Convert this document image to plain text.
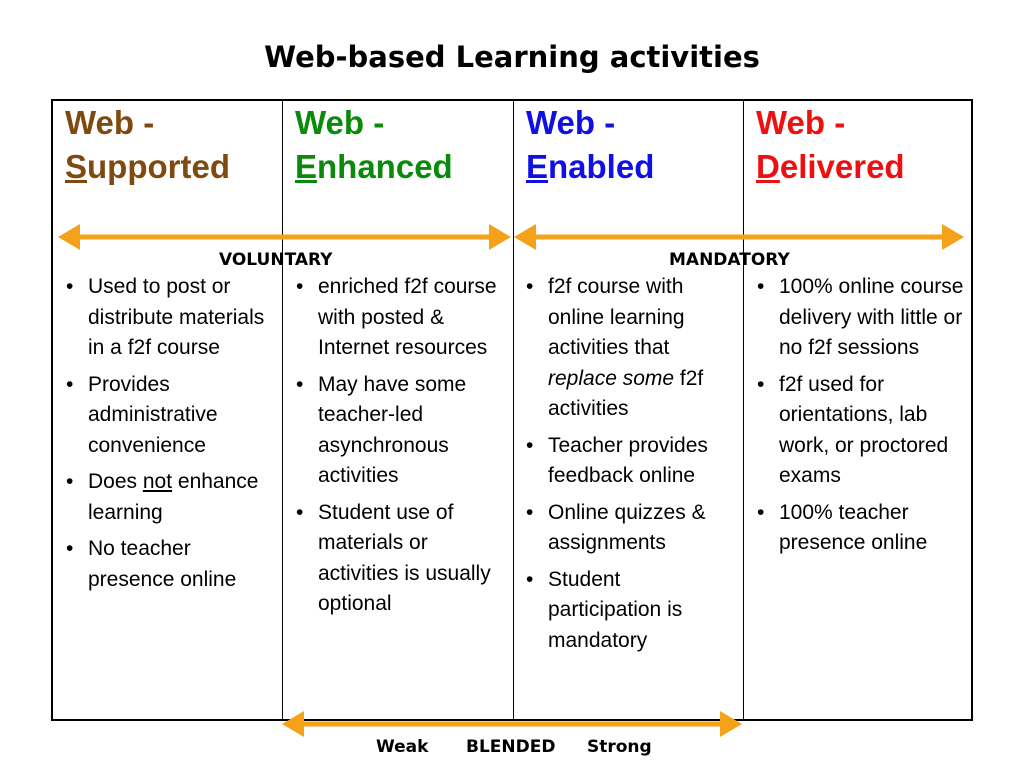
Web-based Learning activities
Web -
Supported
Web -
Enhanced
Web -
Enabled
Web -
Delivered
• Used to post or distribute materials in a f2f course
• Provides administrative convenience
• Does not enhance learning
• No teacher presence online
• enriched f2f course with posted & Internet resources
• May have some teacher-led asynchronous activities
• Student use of materials or activities is usually optional
• f2f course with online learning activities that replace some f2f activities
• Teacher provides feedback online
• Online quizzes & assignments
• Student participation is mandatory
• 100% online course delivery with little or no f2f sessions
• f2f used for orientations, lab work, or proctored exams
• 100% teacher presence online
VOLUNTARY	MANDATORY
Weak BLENDED Strong
